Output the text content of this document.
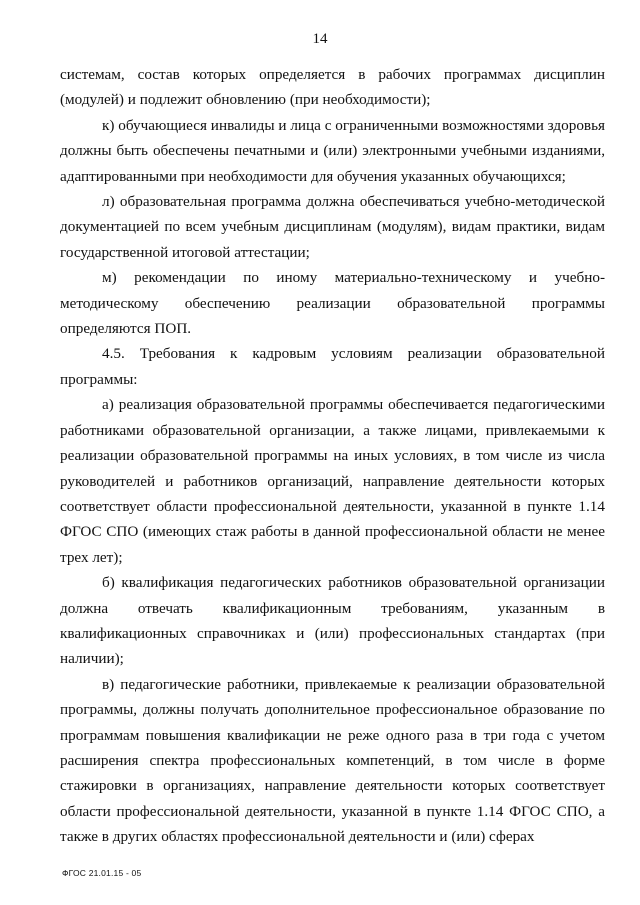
14

системам, состав которых определяется в рабочих программах дисциплин (модулей) и подлежит обновлению (при необходимости);

к) обучающиеся инвалиды и лица с ограниченными возможностями здоровья должны быть обеспечены печатными и (или) электронными учебными изданиями, адаптированными при необходимости для обучения указанных обучающихся;

л) образовательная программа должна обеспечиваться учебно-методической документацией по всем учебным дисциплинам (модулям), видам практики, видам государственной итоговой аттестации;

м) рекомендации по иному материально-техническому и учебно-методическому обеспечению реализации образовательной программы определяются ПОП.

4.5. Требования к кадровым условиям реализации образовательной программы:

а) реализация образовательной программы обеспечивается педагогическими работниками образовательной организации, а также лицами, привлекаемыми к реализации образовательной программы на иных условиях, в том числе из числа руководителей и работников организаций, направление деятельности которых соответствует области профессиональной деятельности, указанной в пункте 1.14 ФГОС СПО (имеющих стаж работы в данной профессиональной области не менее трех лет);

б) квалификация педагогических работников образовательной организации должна отвечать квалификационным требованиям, указанным в квалификационных справочниках и (или) профессиональных стандартах (при наличии);

в) педагогические работники, привлекаемые к реализации образовательной программы, должны получать дополнительное профессиональное образование по программам повышения квалификации не реже одного раза в три года с учетом расширения спектра профессиональных компетенций, в том числе в форме стажировки в организациях, направление деятельности которых соответствует области профессиональной деятельности, указанной в пункте 1.14 ФГОС СПО, а также в других областях профессиональной деятельности и (или) сферах

ФГОС 21.01.15 - 05
